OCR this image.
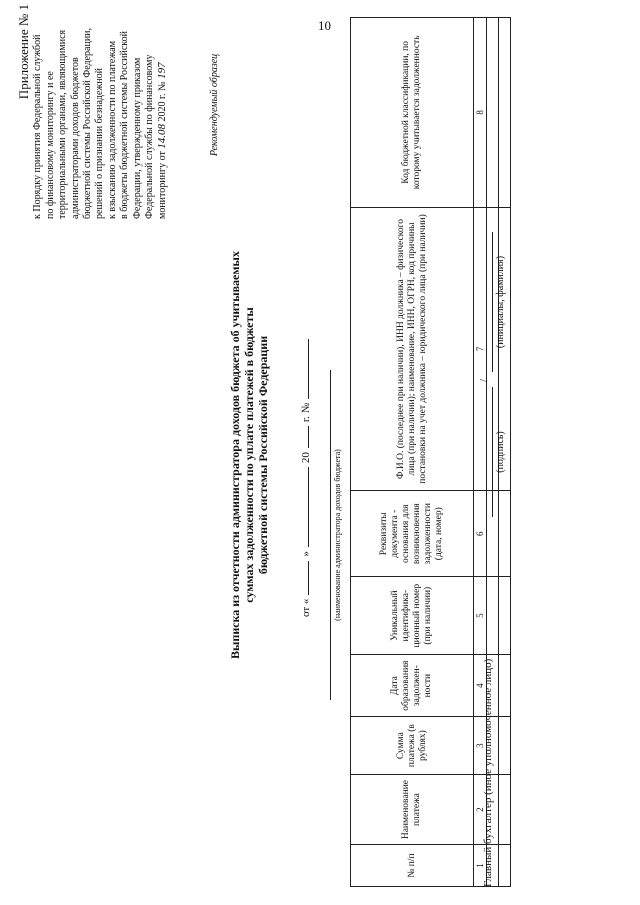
10
Приложение № 1 к Порядку принятия Федеральной службой по финансовому мониторингу и ее территориальными органами, являющимися администраторами доходов бюджетов бюджетной системы Российской Федерации, решений о признании безнадежной к взысканию задолженности по платежам в бюджеты бюджетной системы Российской Федерации, утвержденному приказом Федеральной службы по финансовому мониторингу от 14.08 2020 г. № 197	Рекомендуемый образец
Выписка из отчетности администратора доходов бюджета об учитываемых суммах задолженности по уплате платежей в бюджеты бюджетной системы Российской Федерации
от «
»
20
г. №
(наименование администратора доходов бюджета)
№ п/п	Наименование платежа	Сумма платежа (в рублях)	Дата образования задолжен-ности	Уникальный идентифика-ционный номер (при наличии)	Реквизиты документа - основания для возникновения задолженности (дата, номер)	Ф.И.О. (последнее при наличии), ИНН должника – физического лица (при наличии); наименование, ИНН, ОГРН, код причины постановки на учет должника – юридического лица (при наличии)	Код бюджетной классификации, по которому учитывается задолженность
1	2	3	4	5	6	7	8

Главный бухгалтер (иное уполномоченное лицо)
/
(подпись)
(инициалы, фамилия)
